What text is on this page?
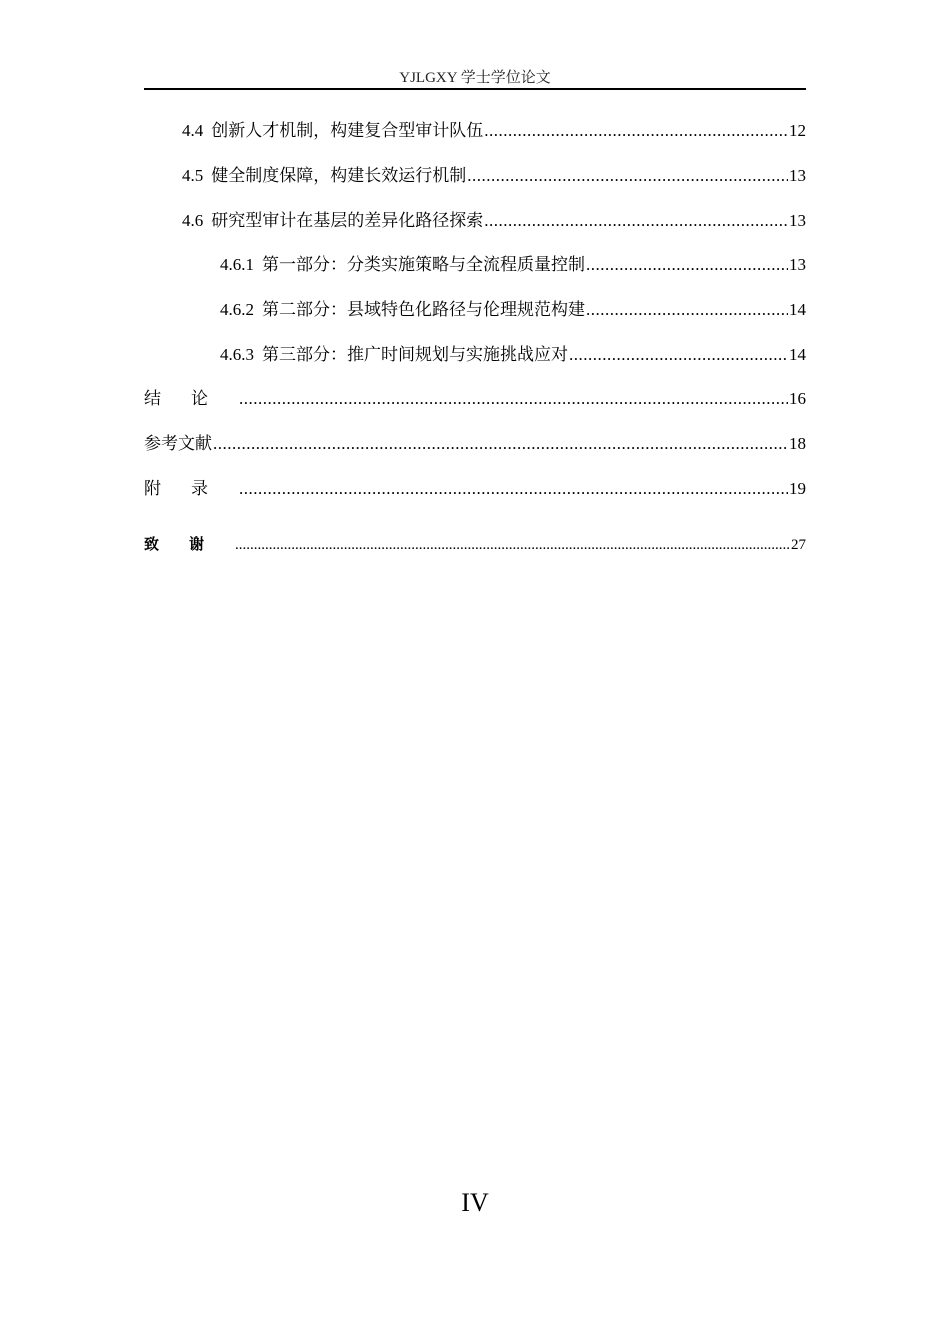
YJLGXY 学士学位论文
4.4 创新人才机制，构建复合型审计队伍 .....	12
4.5 健全制度保障，构建长效运行机制 .....	13
4.6 研究型审计在基层的差异化路径探索 .....	13
4.6.1 第一部分：分类实施策略与全流程质量控制 .....	13
4.6.2 第二部分：县域特色化路径与伦理规范构建 .....	14
4.6.3 第三部分：推广时间规划与实施挑战应对 .....	14
结论 .....	16
参考文献 .....	18
附录 .....	19
致谢 .....	27
IV
